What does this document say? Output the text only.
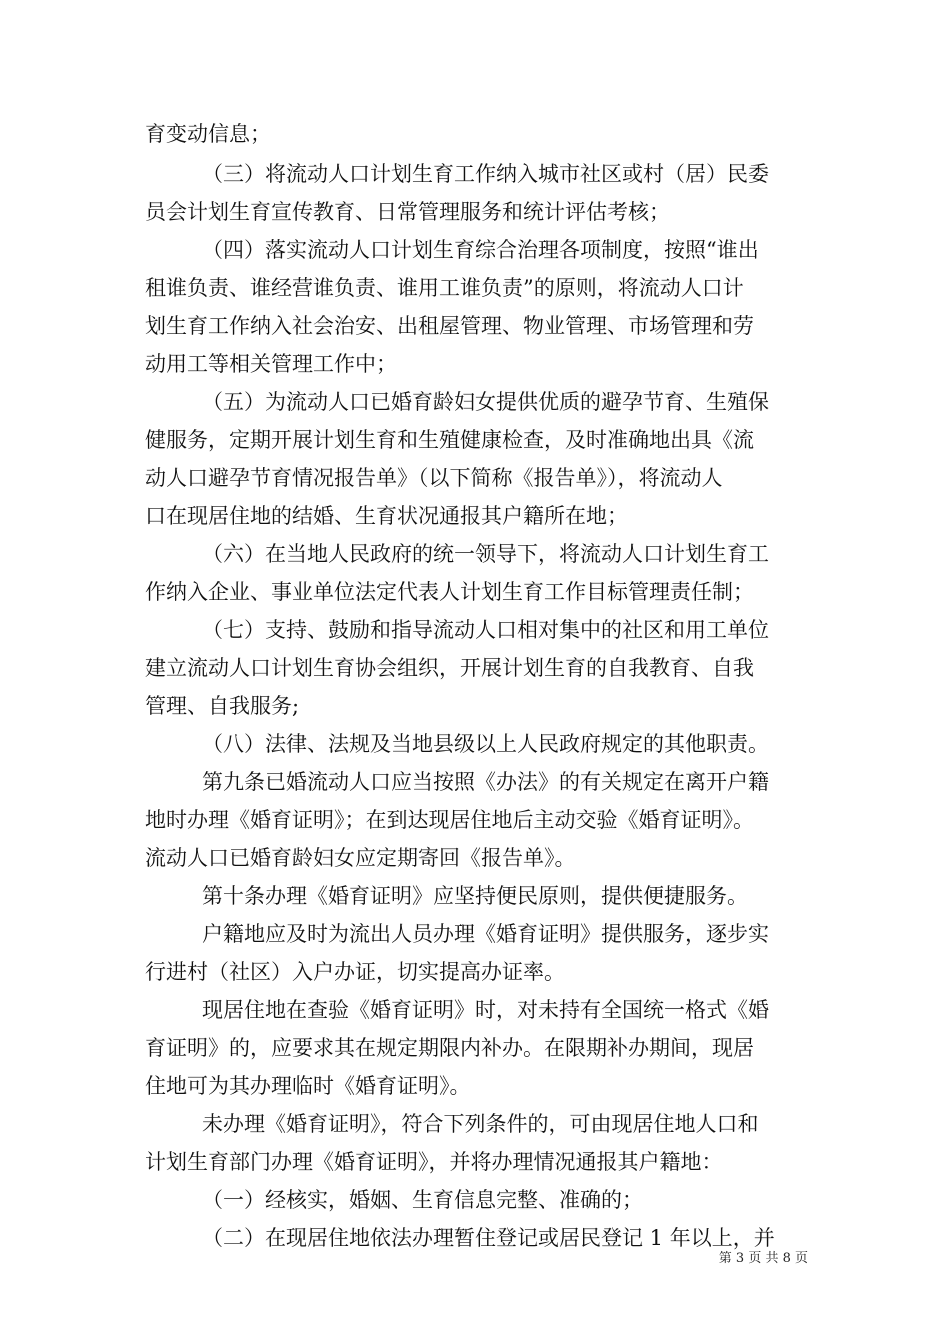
育变动信息；
（三）将流动人口计划生育工作纳入城市社区或村（居）民委
员会计划生育宣传教育、日常管理服务和统计评估考核；
（四）落实流动人口计划生育综合治理各项制度，按照“谁出
租谁负责、谁经营谁负责、谁用工谁负责”的原则，将流动人口计
划生育工作纳入社会治安、出租屋管理、物业管理、市场管理和劳
动用工等相关管理工作中；
（五）为流动人口已婚育龄妇女提供优质的避孕节育、生殖保
健服务，定期开展计划生育和生殖健康检查，及时准确地出具《流
动人口避孕节育情况报告单》（以下简称《报告单》），将流动人
口在现居住地的结婚、生育状况通报其户籍所在地；
（六）在当地人民政府的统一领导下，将流动人口计划生育工
作纳入企业、事业单位法定代表人计划生育工作目标管理责任制；
（七）支持、鼓励和指导流动人口相对集中的社区和用工单位
建立流动人口计划生育协会组织，开展计划生育的自我教育、自我
管理、自我服务;
（八）法律、法规及当地县级以上人民政府规定的其他职责。
第九条已婚流动人口应当按照《办法》的有关规定在离开户籍
地时办理《婚育证明》；在到达现居住地后主动交验《婚育证明》。
流动人口已婚育龄妇女应定期寄回《报告单》。
第十条办理《婚育证明》应坚持便民原则，提供便捷服务。
户籍地应及时为流出人员办理《婚育证明》提供服务，逐步实
行进村（社区）入户办证，切实提高办证率。
现居住地在查验《婚育证明》时，对未持有全国统一格式《婚
育证明》的，应要求其在规定期限内补办。在限期补办期间，现居
住地可为其办理临时《婚育证明》。
未办理《婚育证明》，符合下列条件的，可由现居住地人口和
计划生育部门办理《婚育证明》，并将办理情况通报其户籍地：
（一）经核实，婚姻、生育信息完整、准确的；
（二）在现居住地依法办理暂住登记或居民登记 1 年以上，并
第 3 页 共 8 页
